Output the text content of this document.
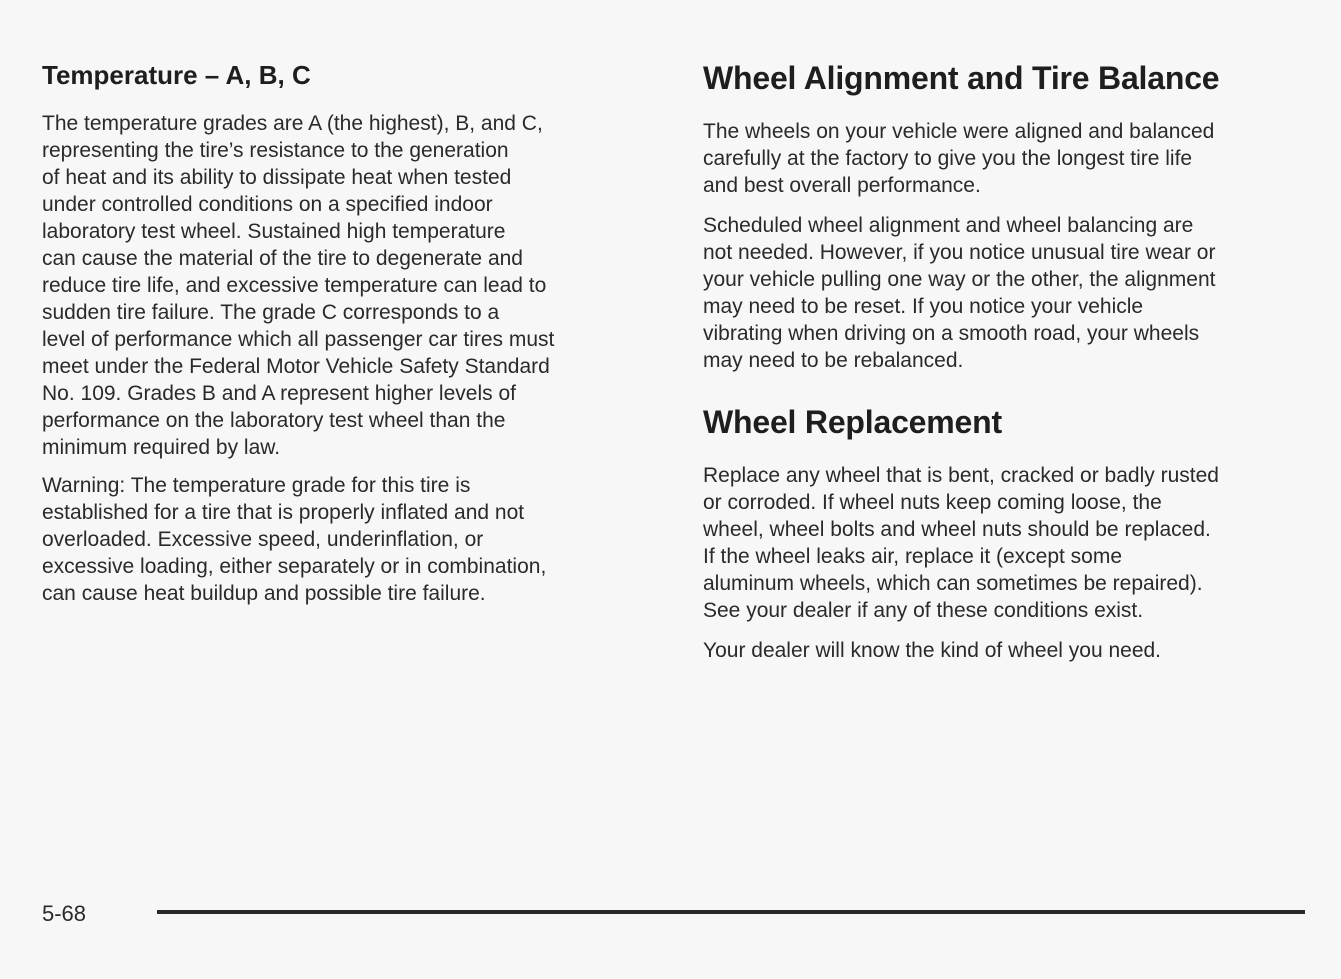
Temperature – A, B, C

The temperature grades are A (the highest), B, and C,
representing the tire’s resistance to the generation
of heat and its ability to dissipate heat when tested
under controlled conditions on a specified indoor
laboratory test wheel. Sustained high temperature
can cause the material of the tire to degenerate and
reduce tire life, and excessive temperature can lead to
sudden tire failure. The grade C corresponds to a
level of performance which all passenger car tires must
meet under the Federal Motor Vehicle Safety Standard
No. 109. Grades B and A represent higher levels of
performance on the laboratory test wheel than the
minimum required by law.

Warning: The temperature grade for this tire is
established for a tire that is properly inflated and not
overloaded. Excessive speed, underinflation, or
excessive loading, either separately or in combination,
can cause heat buildup and possible tire failure.

Wheel Alignment and Tire Balance

The wheels on your vehicle were aligned and balanced
carefully at the factory to give you the longest tire life
and best overall performance.

Scheduled wheel alignment and wheel balancing are
not needed. However, if you notice unusual tire wear or
your vehicle pulling one way or the other, the alignment
may need to be reset. If you notice your vehicle
vibrating when driving on a smooth road, your wheels
may need to be rebalanced.

Wheel Replacement

Replace any wheel that is bent, cracked or badly rusted
or corroded. If wheel nuts keep coming loose, the
wheel, wheel bolts and wheel nuts should be replaced.
If the wheel leaks air, replace it (except some
aluminum wheels, which can sometimes be repaired).
See your dealer if any of these conditions exist.

Your dealer will know the kind of wheel you need.

5-68
